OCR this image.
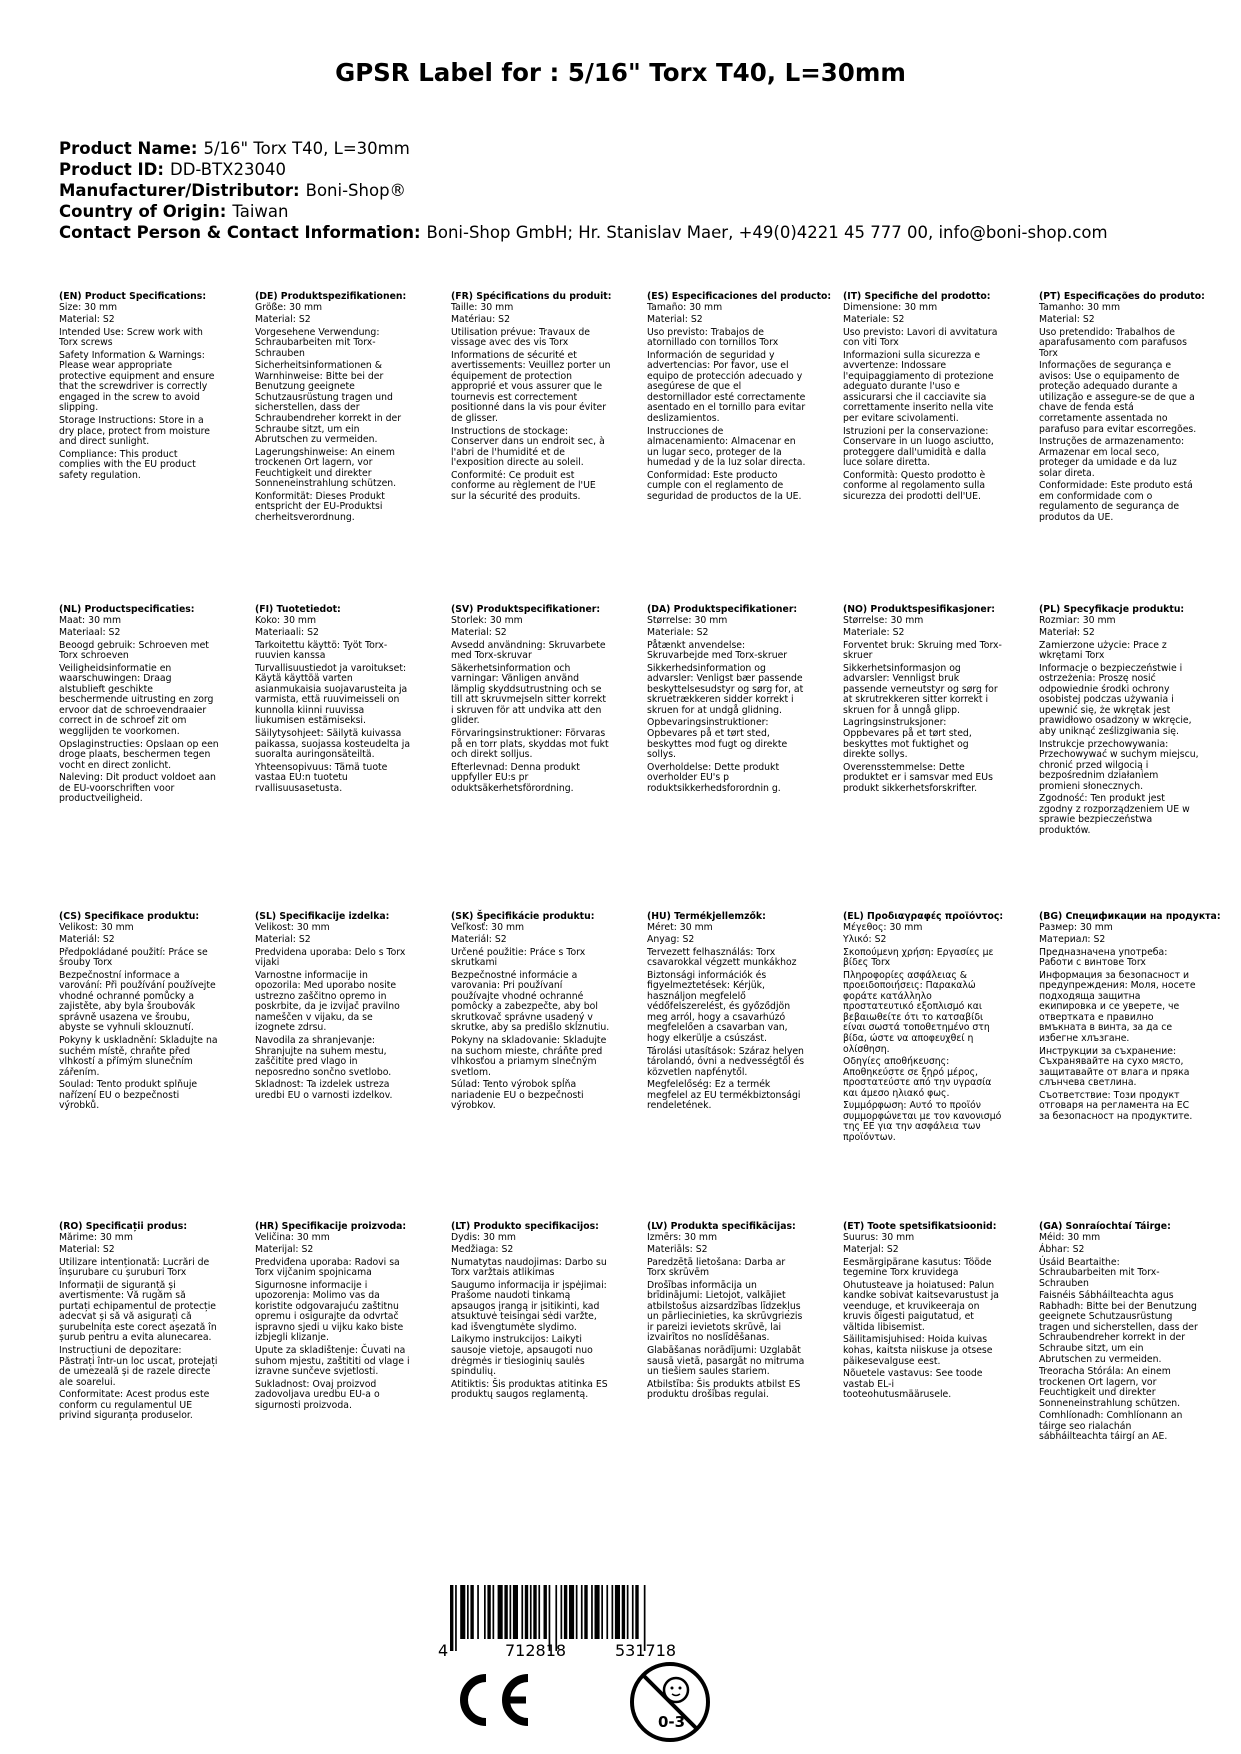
GPSR Label for : 5/16" Torx T40, L=30mm
Product Name: 5/16" Torx T40, L=30mm
Product ID: DD-BTX23040
Manufacturer/Distributor: Boni-Shop®
Country of Origin: Taiwan
Contact Person & Contact Information: Boni-Shop GmbH; Hr. Stanislav Maer, +49(0)4221 45 777 00, info@boni-shop.com
(EN) Product Specifications:
Size: 30 mm
Material: S2
Intended Use: Screw work with Torx screws
Safety Information & Warnings: Please wear appropriate protective equipment and ensure that the screwdriver is correctly engaged in the screw to avoid slipping.
Storage Instructions: Store in a dry place, protect from moisture and direct sunlight.
Compliance: This product complies with the EU product safety regulation.
(DE) Produktspezifikationen:
Größe: 30 mm
Material: S2
Vorgesehene Verwendung: Schraubarbeiten mit Torx-Schrauben
Sicherheitsinformationen & Warnhinweise: Bitte bei der Benutzung geeignete Schutzausrüstung tragen und sicherstellen, dass der Schraubendreher korrekt in der Schraube sitzt, um ein Abrutschen zu vermeiden.
Lagerungshinweise: An einem trockenen Ort lagern, vor Feuchtigkeit und direkter Sonneneinstrahlung schützen.
Konformität: Dieses Produkt entspricht der EU-Produktsi cherheitsverordnung.
(FR) Spécifications du produit:
Taille: 30 mm
Matériau: S2
Utilisation prévue: Travaux de vissage avec des vis Torx
Informations de sécurité et avertissements: Veuillez porter un équipement de protection approprié et vous assurer que le tournevis est correctement positionné dans la vis pour éviter de glisser.
Instructions de stockage: Conserver dans un endroit sec, à l'abri de l'humidité et de l'exposition directe au soleil.
Conformité: Ce produit est conforme au règlement de l'UE sur la sécurité des produits.
(ES) Especificaciones del producto:
Tamaño: 30 mm
Material: S2
Uso previsto: Trabajos de atornillado con tornillos Torx
Información de seguridad y advertencias: Por favor, use el equipo de protección adecuado y asegúrese de que el destornillador esté correctamente asentado en el tornillo para evitar deslizamientos.
Instrucciones de almacenamiento: Almacenar en un lugar seco, proteger de la humedad y de la luz solar directa.
Conformidad: Este producto cumple con el reglamento de seguridad de productos de la UE.
(IT) Specifiche del prodotto:
Dimensione: 30 mm
Materiale: S2
Uso previsto: Lavori di avvitatura con viti Torx
Informazioni sulla sicurezza e avvertenze: Indossare l'equipaggiamento di protezione adeguato durante l'uso e assicurarsi che il cacciavite sia correttamente inserito nella vite per evitare scivolamenti.
Istruzioni per la conservazione: Conservare in un luogo asciutto, proteggere dall'umidità e dalla luce solare diretta.
Conformità: Questo prodotto è conforme al regolamento sulla sicurezza dei prodotti dell'UE.
(PT) Especificações do produto:
Tamanho: 30 mm
Material: S2
Uso pretendido: Trabalhos de aparafusamento com parafusos Torx
Informações de segurança e avisos: Use o equipamento de proteção adequado durante a utilização e assegure-se de que a chave de fenda está corretamente assentada no parafuso para evitar escorregões.
Instruções de armazenamento: Armazenar em local seco, proteger da umidade e da luz solar direta.
Conformidade: Este produto está em conformidade com o regulamento de segurança de produtos da UE.
(NL) Productspecificaties:
Maat: 30 mm
Materiaal: S2
Beoogd gebruik: Schroeven met Torx schroeven
Veiligheidsinformatie en waarschuwingen: Draag alstublieft geschikte beschermende uitrusting en zorg ervoor dat de schroevendraaier correct in de schroef zit om wegglijden te voorkomen.
Opslaginstructies: Opslaan op een droge plaats, beschermen tegen vocht en direct zonlicht.
Naleving: Dit product voldoet aan de EU-voorschriften voor productveiligheid.
(FI) Tuotetiedot:
Koko: 30 mm
Materiaali: S2
Tarkoitettu käyttö: Työt Torx-ruuvien kanssa
Turvallisuustiedot ja varoitukset: Käytä käyttöä varten asianmukaisia suojavarusteita ja varmista, että ruuvimeisseli on kunnolla kiinni ruuvissa liukumisen estämiseksi.
Säilytysohjeet: Säilytä kuivassa paikassa, suojassa kosteudelta ja suoralta auringonsäteiltä.
Yhteensopivuus: Tämä tuote vastaa EU:n tuotetu rvallisuusasetusta.
(SV) Produktspecifikationer:
Storlek: 30 mm
Material: S2
Avsedd användning: Skruvarbete med Torx-skruvar
Säkerhetsinformation och varningar: Vänligen använd lämplig skyddsutrustning och se till att skruvmejseln sitter korrekt i skruven för att undvika att den glider.
Förvaringsinstruktioner: Förvaras på en torr plats, skyddas mot fukt och direkt solljus.
Efterlevnad: Denna produkt uppfyller EU:s pr oduktsäkerhetsförordning.
(DA) Produktspecifikationer:
Størrelse: 30 mm
Materiale: S2
Påtænkt anvendelse: Skruvarbejde med Torx-skruer
Sikkerhedsinformation og advarsler: Venligst bær passende beskyttelsesudstyr og sørg for, at skruetrækkeren sidder korrekt i skruen for at undgå glidning.
Opbevaringsinstruktioner: Opbevares på et tørt sted, beskyttes mod fugt og direkte sollys.
Overholdelse: Dette produkt overholder EU's p roduktsikkerhedsforordnin g.
(NO) Produktspesifikasjoner:
Størrelse: 30 mm
Materiale: S2
Forventet bruk: Skruing med Torx-skruer
Sikkerhetsinformasjon og advarsler: Vennligst bruk passende verneutstyr og sørg for at skrutrekkeren sitter korrekt i skruen for å unngå glipp.
Lagringsinstruksjoner: Oppbevares på et tørt sted, beskyttes mot fuktighet og direkte sollys.
Overensstemmelse: Dette produktet er i samsvar med EUs produkt sikkerhetsforskrifter.
(PL) Specyfikacje produktu:
Rozmiar: 30 mm
Materiał: S2
Zamierzone użycie: Prace z wkrętami Torx
Informacje o bezpieczeństwie i ostrzeżenia: Proszę nosić odpowiednie środki ochrony osobistej podczas używania i upewnić się, że wkrętak jest prawidłowo osadzony w wkręcie, aby uniknąć ześlizgiwania się.
Instrukcje przechowywania: Przechowywać w suchym miejscu, chronić przed wilgocią i bezpośrednim działaniem promieni słonecznych.
Zgodność: Ten produkt jest zgodny z rozporządzeniem UE w sprawie bezpieczeństwa produktów.
(CS) Specifikace produktu:
Velikost: 30 mm
Materiál: S2
Předpokládané použití: Práce se šrouby Torx
Bezpečnostní informace a varování: Při používání používejte vhodné ochranné pomůcky a zajistěte, aby byla šroubovák správně usazena ve šroubu, abyste se vyhnuli sklouznutí.
Pokyny k uskladnění: Skladujte na suchém místě, chraňte před vlhkostí a přímým slunečním zářením.
Soulad: Tento produkt splňuje nařízení EU o bezpečnosti výrobků.
(SL) Specifikacije izdelka:
Velikost: 30 mm
Material: S2
Predvidena uporaba: Delo s Torx vijaki
Varnostne informacije in opozorila: Med uporabo nosite ustrezno zaščitno opremo in poskrbite, da je izvijač pravilno nameščen v vijaku, da se izognete zdrsu.
Navodila za shranjevanje: Shranjujte na suhem mestu, zaščitite pred vlago in neposredno sončno svetlobo.
Skladnost: Ta izdelek ustreza uredbi EU o varnosti izdelkov.
(SK) Špecifikácie produktu:
Veľkosť: 30 mm
Materiál: S2
Určené použitie: Práce s Torx skrutkami
Bezpečnostné informácie a varovania: Pri používaní používajte vhodné ochranné pomôcky a zabezpečte, aby bol skrutkovač správne usadený v skrutke, aby sa predišlo skĺznutiu.
Pokyny na skladovanie: Skladujte na suchom mieste, chráňte pred vlhkosťou a priamym slnečným svetlom.
Súlad: Tento výrobok spĺňa nariadenie EU o bezpečnosti výrobkov.
(HU) Termékjellemzők:
Méret: 30 mm
Anyag: S2
Tervezett felhasználás: Torx csavarokkal végzett munkákhoz
Biztonsági információk és figyelmeztetések: Kérjük, használjon megfelelő védőfelszerelést, és győződjön meg arról, hogy a csavarhúzó megfelelően a csavarban van, hogy elkerülje a csúszást.
Tárolási utasítások: Száraz helyen tárolandó, óvni a nedvességtől és közvetlen napfénytől.
Megfelelőség: Ez a termék megfelel az EU termékbiztonsági rendeletének.
(EL) Προδιαγραφές προϊόντος:
Μέγεθος: 30 mm
Υλικό: S2
Σκοπούμενη χρήση: Εργασίες με βίδες Torx
Πληροφορίες ασφάλειας & προειδοποιήσεις: Παρακαλώ φοράτε κατάλληλο προστατευτικό εξοπλισμό και βεβαιωθείτε ότι το κατσαβίδι είναι σωστά τοποθετημένο στη βίδα, ώστε να αποφευχθεί η ολίσθηση.
Οδηγίες αποθήκευσης: Αποθηκεύστε σε ξηρό μέρος, προστατεύστε από την υγρασία και άμεσο ηλιακό φως.
Συμμόρφωση: Αυτό το προϊόν συμμορφώνεται με τον κανονισμό της ΕΕ για την ασφάλεια των προϊόντων.
(BG) Спецификации на продукта:
Размер: 30 mm
Материал: S2
Предназначена употреба: Работи с винтове Torx
Информация за безопасност и предупреждения: Моля, носете подходяща защитна екипировка и се уверете, че отвертката е правилно вмъкната в винта, за да се избегне хлъзгане.
Инструкции за съхранение: Съхранявайте на сухо място, защитавайте от влага и пряка слънчева светлина.
Съответствие: Този продукт отговаря на регламента на ЕС за безопасност на продуктите.
(RO) Specificații produs:
Mărime: 30 mm
Material: S2
Utilizare intenționată: Lucrări de înșurubare cu șuruburi Torx
Informații de siguranță și avertismente: Vă rugăm să purtați echipamentul de protecție adecvat și să vă asigurați că șurubelnița este corect așezată în șurub pentru a evita alunecarea.
Instrucțiuni de depozitare: Păstrați într-un loc uscat, protejați de umezeală și de razele directe ale soarelui.
Conformitate: Acest produs este conform cu regulamentul UE privind siguranța produselor.
(HR) Specifikacije proizvoda:
Veličina: 30 mm
Materijal: S2
Predviđena uporaba: Radovi sa Torx vijčanim spojnicama
Sigurnosne informacije i upozorenja: Molimo vas da koristite odgovarajuću zaštitnu opremu i osigurajte da odvrtač ispravno sjedi u vijku kako biste izbjegli klizanje.
Upute za skladištenje: Čuvati na suhom mjestu, zaštititi od vlage i izravne sunčeve svjetlosti.
Sukladnost: Ovaj proizvod zadovoljava uredbu EU-a o sigurnosti proizvoda.
(LT) Produkto specifikacijos:
Dydis: 30 mm
Medžiaga: S2
Numatytas naudojimas: Darbo su Torx varžtais atlikimas
Saugumo informacija ir įspėjimai: Prašome naudoti tinkamą apsaugos įrangą ir įsitikinti, kad atsuktuvė teisingai sėdi varžte, kad išvengtumėte slydimo.
Laikymo instrukcijos: Laikyti sausoje vietoje, apsaugoti nuo drėgmės ir tiesioginių saulės spindulių.
Atitiktis: Šis produktas atitinka ES produktų saugos reglamentą.
(LV) Produkta specifikācijas:
Izmērs: 30 mm
Materiāls: S2
Paredzētā lietošana: Darba ar Torx skrūvēm
Drošības informācija un brīdinājumi: Lietojot, valkājiet atbilstošus aizsardzības līdzekļus un pārliecinieties, ka skrūvgriezis ir pareizi ievietots skrūvē, lai izvairītos no noslīdēšanas.
Glabāšanas norādījumi: Uzglabāt sausā vietā, pasargāt no mitruma un tiešiem saules stariem.
Atbilstība: Šis produkts atbilst ES produktu drošības regulai.
(ET) Toote spetsifikatsioonid:
Suurus: 30 mm
Materjal: S2
Eesmärgipärane kasutus: Tööde tegemine Torx kruvidega
Ohutusteave ja hoiatused: Palun kandke sobivat kaitsevarustust ja veenduge, et kruvikeeraja on kruvis õigesti paigutatud, et vältida libisemist.
Säilitamisjuhised: Hoida kuivas kohas, kaitsta niiskuse ja otsese päikesevalguse eest.
Nõuetele vastavus: See toode vastab EL-i tooteohutusmäärusele.
(GA) Sonraíochtaí Táirge:
Méid: 30 mm
Ábhar: S2
Úsáid Beartaithe: Schraubarbeiten mit Torx-Schrauben
Faisnéis Sábháilteachta agus Rabhadh: Bitte bei der Benutzung geeignete Schutzausrüstung tragen und sicherstellen, dass der Schraubendreher korrekt in der Schraube sitzt, um ein Abrutschen zu vermeiden.
Treoracha Stórála: An einem trockenen Ort lagern, vor Feuchtigkeit und direkter Sonneneinstrahlung schützen.
Comhlíonadh: Comhlíonann an táirge seo rialachán sábháilteachta táirgí an AE.
4	712818	531718
0-3
